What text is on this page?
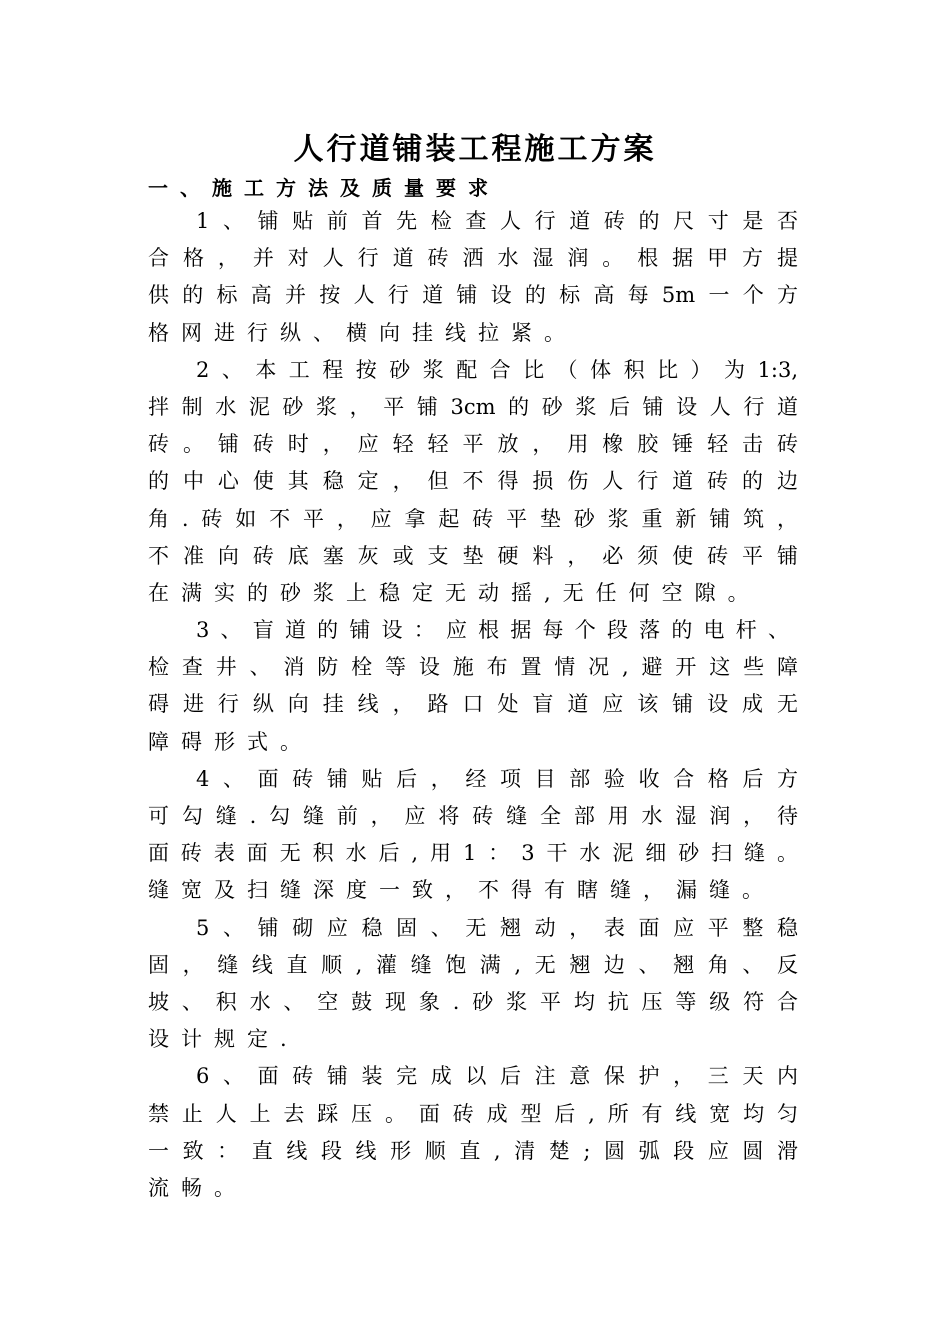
人行道铺装工程施工方案
一、施工方法及质量要求
1、铺贴前首先检查人行道砖的尺寸是否
合格，并对人行道砖洒水湿润。根据甲方提
供的标高并按人行道铺设的标高每5m一个方
格网进行纵、横向挂线拉紧。
2、本工程按砂浆配合比（体积比）为1:3,
拌制水泥砂浆，平铺3cm的砂浆后铺设人行道
砖。铺砖时，应轻轻平放，用橡胶锤轻击砖
的中心使其稳定，但不得损伤人行道砖的边
角.砖如不平，应拿起砖平垫砂浆重新铺筑，
不准向砖底塞灰或支垫硬料，必须使砖平铺
在满实的砂浆上稳定无动摇,无任何空隙。
3、盲道的铺设：应根据每个段落的电杆、
检查井、消防栓等设施布置情况,避开这些障
碍进行纵向挂线，路口处盲道应该铺设成无
障碍形式。
4、面砖铺贴后，经项目部验收合格后方
可勾缝.勾缝前，应将砖缝全部用水湿润，待
面砖表面无积水后,用1：3干水泥细砂扫缝。
缝宽及扫缝深度一致，不得有瞎缝，漏缝。
5、铺砌应稳固、无翘动，表面应平整稳
固，缝线直顺,灌缝饱满,无翘边、翘角、反
坡、积水、空鼓现象.砂浆平均抗压等级符合
设计规定.
6、面砖铺装完成以后注意保护，三天内
禁止人上去踩压。面砖成型后,所有线宽均匀
一致：直线段线形顺直,清楚;圆弧段应圆滑
流畅。
